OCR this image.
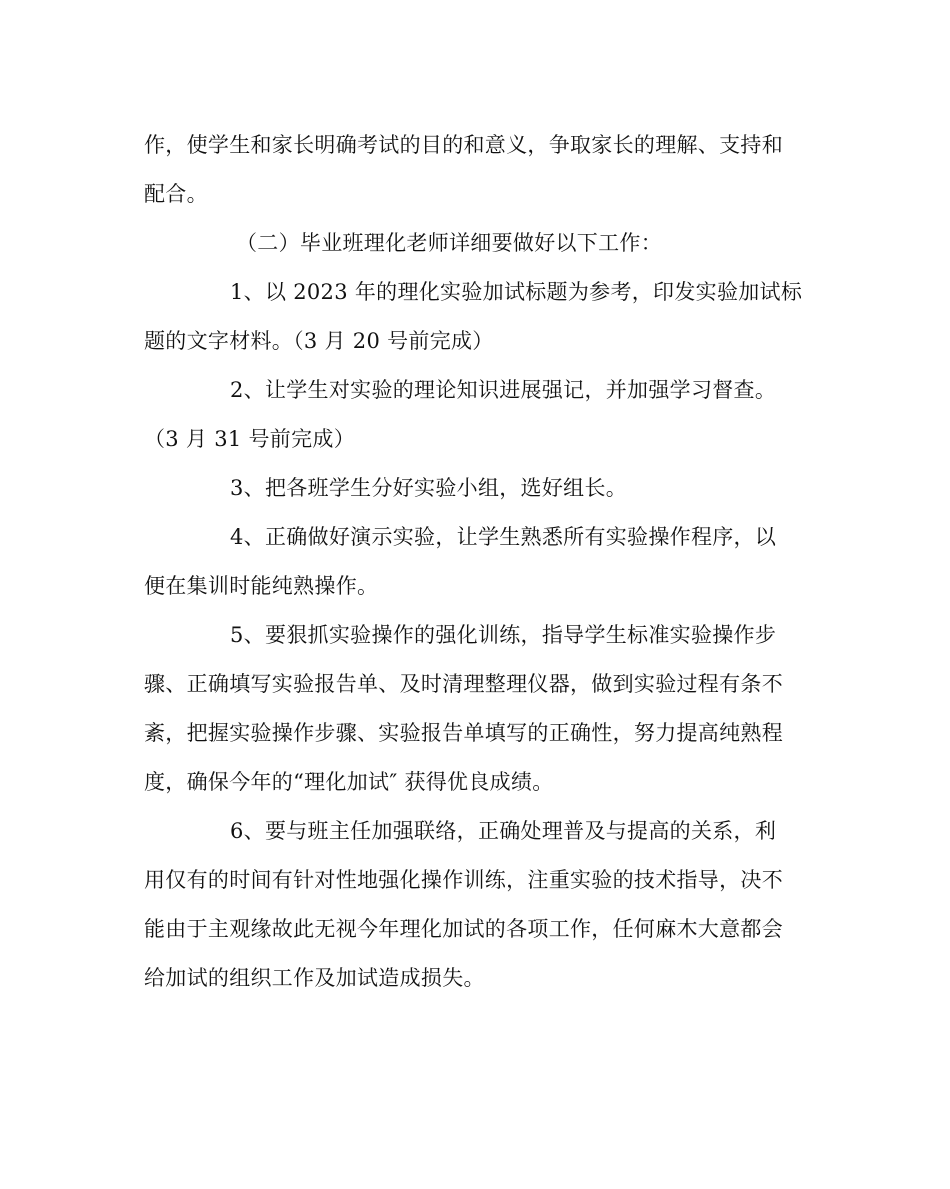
作，使学生和家长明确考试的目的和意义，争取家长的理解、支持和
配合。
（二）毕业班理化老师详细要做好以下工作：
1、以 2023 年的理化实验加试标题为参考，印发实验加试标
题的文字材料。（3 月 20 号前完成）
2、让学生对实验的理论知识进展强记，并加强学习督查。
（3 月 31 号前完成）
3、把各班学生分好实验小组，选好组长。
4、正确做好演示实验，让学生熟悉所有实验操作程序，以
便在集训时能纯熟操作。
5、要狠抓实验操作的强化训练，指导学生标准实验操作步
骤、正确填写实验报告单、及时清理整理仪器，做到实验过程有条不
紊，把握实验操作步骤、实验报告单填写的正确性，努力提高纯熟程
度，确保今年的“理化加试″ 获得优良成绩。
6、要与班主任加强联络，正确处理普及与提高的关系，利
用仅有的时间有针对性地强化操作训练，注重实验的技术指导，决不
能由于主观缘故此无视今年理化加试的各项工作，任何麻木大意都会
给加试的组织工作及加试造成损失。
